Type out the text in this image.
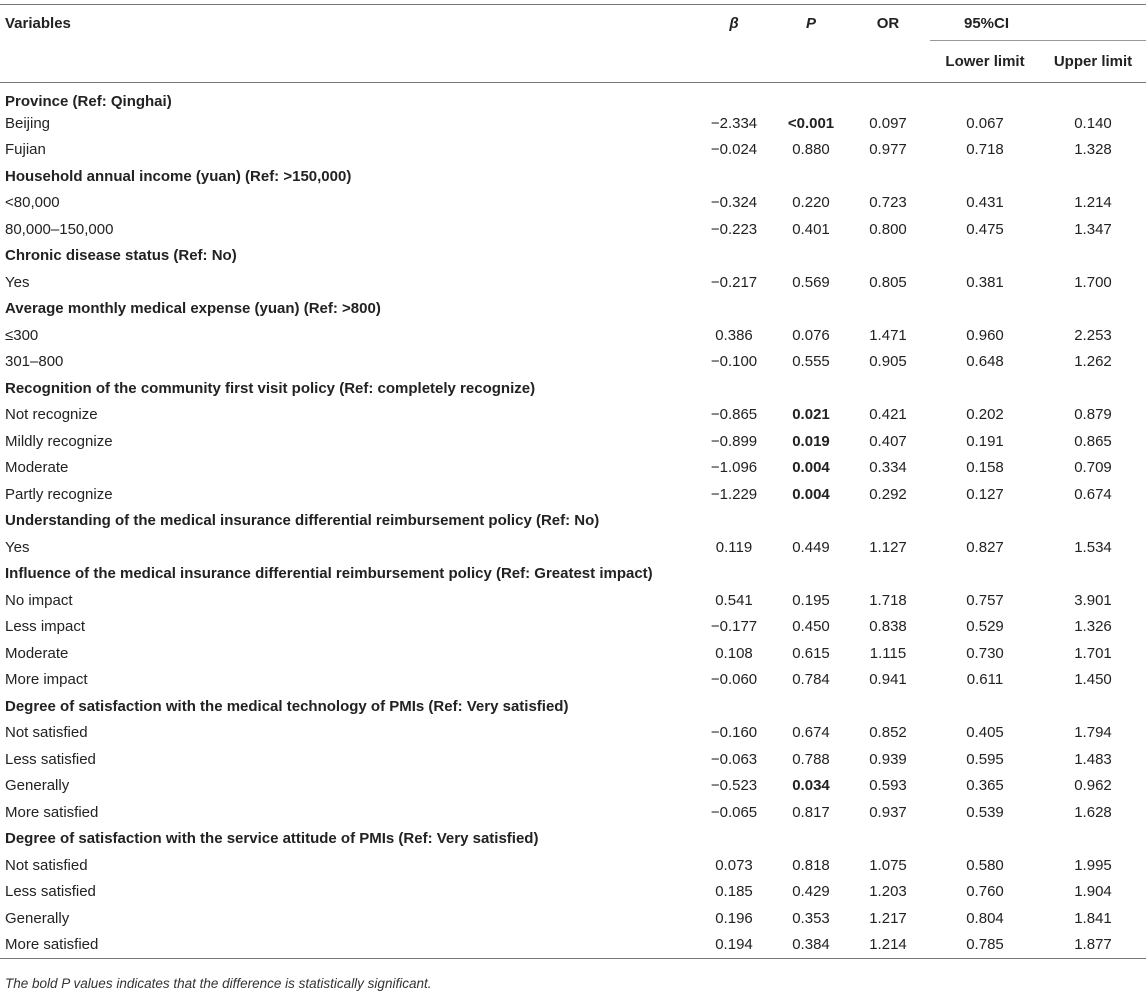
Variables	β	P	OR	95%CI	
				Lower limit	Upper limit
Province (Ref: Qinghai)					
Beijing	−2.334	<0.001	0.097	0.067	0.140
Fujian	−0.024	0.880	0.977	0.718	1.328
Household annual income (yuan) (Ref: >150,000)					
<80,000	−0.324	0.220	0.723	0.431	1.214
80,000–150,000	−0.223	0.401	0.800	0.475	1.347
Chronic disease status (Ref: No)					
Yes	−0.217	0.569	0.805	0.381	1.700
Average monthly medical expense (yuan) (Ref: >800)					
≤300	0.386	0.076	1.471	0.960	2.253
301–800	−0.100	0.555	0.905	0.648	1.262
Recognition of the community first visit policy (Ref: completely recognize)					
Not recognize	−0.865	0.021	0.421	0.202	0.879
Mildly recognize	−0.899	0.019	0.407	0.191	0.865
Moderate	−1.096	0.004	0.334	0.158	0.709
Partly recognize	−1.229	0.004	0.292	0.127	0.674
Understanding of the medical insurance differential reimbursement policy (Ref: No)					
Yes	0.119	0.449	1.127	0.827	1.534
Influence of the medical insurance differential reimbursement policy (Ref: Greatest impact)					
No impact	0.541	0.195	1.718	0.757	3.901
Less impact	−0.177	0.450	0.838	0.529	1.326
Moderate	0.108	0.615	1.115	0.730	1.701
More impact	−0.060	0.784	0.941	0.611	1.450
Degree of satisfaction with the medical technology of PMIs (Ref: Very satisfied)					
Not satisfied	−0.160	0.674	0.852	0.405	1.794
Less satisfied	−0.063	0.788	0.939	0.595	1.483
Generally	−0.523	0.034	0.593	0.365	0.962
More satisfied	−0.065	0.817	0.937	0.539	1.628
Degree of satisfaction with the service attitude of PMIs (Ref: Very satisfied)					
Not satisfied	0.073	0.818	1.075	0.580	1.995
Less satisfied	0.185	0.429	1.203	0.760	1.904
Generally	0.196	0.353	1.217	0.804	1.841
More satisfied	0.194	0.384	1.214	0.785	1.877
The bold P values indicates that the difference is statistically significant.
